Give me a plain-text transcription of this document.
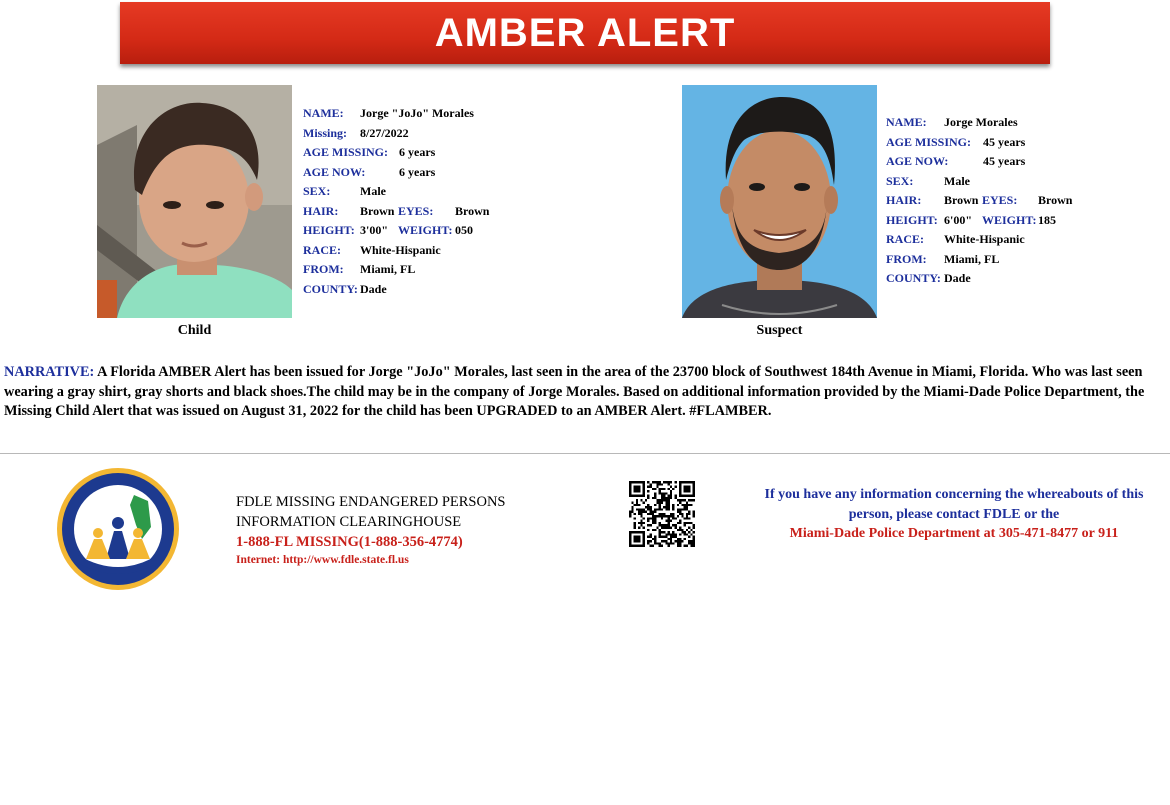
AMBER ALERT
Child
NAME: Jorge "JoJo" Morales
Missing: 8/27/2022
AGE MISSING: 6 years
AGE NOW:	6 years
SEX: Male
HAIR: Brown EYES: Brown
HEIGHT: 3'00" WEIGHT: 050
RACE: White-Hispanic
FROM: Miami, FL
COUNTY: Dade
Suspect
NAME: Jorge Morales
AGE MISSING: 45 years
AGE NOW:	45 years
SEX:	Male
HAIR: Brown EYES: Brown
HEIGHT: 6'00" WEIGHT: 185
RACE: White-Hispanic
FROM: Miami, FL
COUNTY: Dade
NARRATIVE: A Florida AMBER Alert has been issued for Jorge "JoJo" Morales, last seen in the area of the 23700 block of Southwest 184th Avenue in Miami, Florida. Who was last seen wearing a gray shirt, gray shorts and black shoes.The child may be in the company of Jorge Morales. Based on additional information provided by the Miami-Dade Police Department, the Missing Child Alert that was issued on August 31, 2022 for the child has been UPGRADED to an AMBER Alert. #FLAMBER.
FDLE MISSING ENDANGERED PERSONS
INFORMATION CLEARINGHOUSE
1-888-FL MISSING(1-888-356-4774)
Internet: http://www.fdle.state.fl.us
If you have any information concerning the whereabouts of this
person, please contact FDLE or the
Miami-Dade Police Department at 305-471-8477 or 911
